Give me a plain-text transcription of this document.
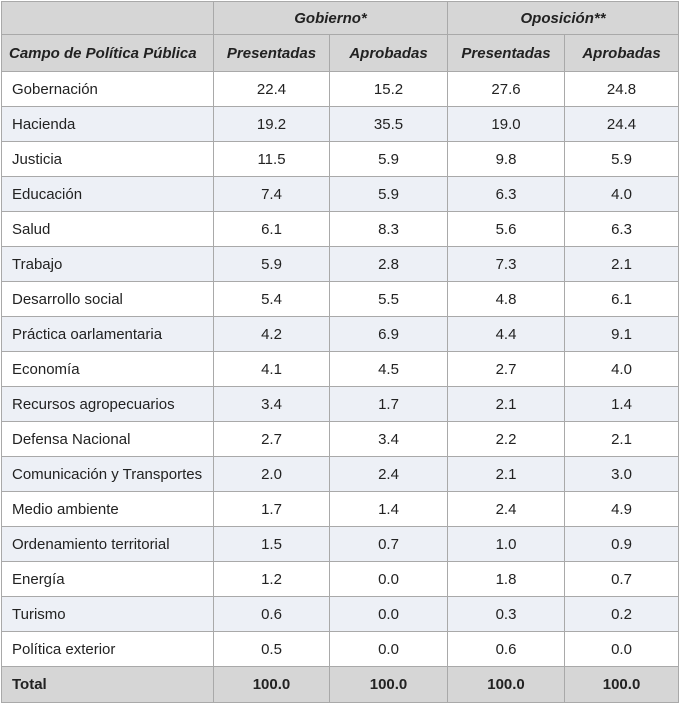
	Gobierno*		Oposición**	
Campo de Política Pública	Presentadas	Aprobadas	Presentadas	Aprobadas
Gobernación	22.4	15.2	27.6	24.8
Hacienda	19.2	35.5	19.0	24.4
Justicia	11.5	5.9	9.8	5.9
Educación	7.4	5.9	6.3	4.0
Salud	6.1	8.3	5.6	6.3
Trabajo	5.9	2.8	7.3	2.1
Desarrollo social	5.4	5.5	4.8	6.1
Práctica oarlamentaria	4.2	6.9	4.4	9.1
Economía	4.1	4.5	2.7	4.0
Recursos agropecuarios	3.4	1.7	2.1	1.4
Defensa Nacional	2.7	3.4	2.2	2.1
Comunicación y Transportes	2.0	2.4	2.1	3.0
Medio ambiente	1.7	1.4	2.4	4.9
Ordenamiento territorial	1.5	0.7	1.0	0.9
Energía	1.2	0.0	1.8	0.7
Turismo	0.6	0.0	0.3	0.2
Política exterior	0.5	0.0	0.6	0.0
Total	100.0	100.0	100.0	100.0
